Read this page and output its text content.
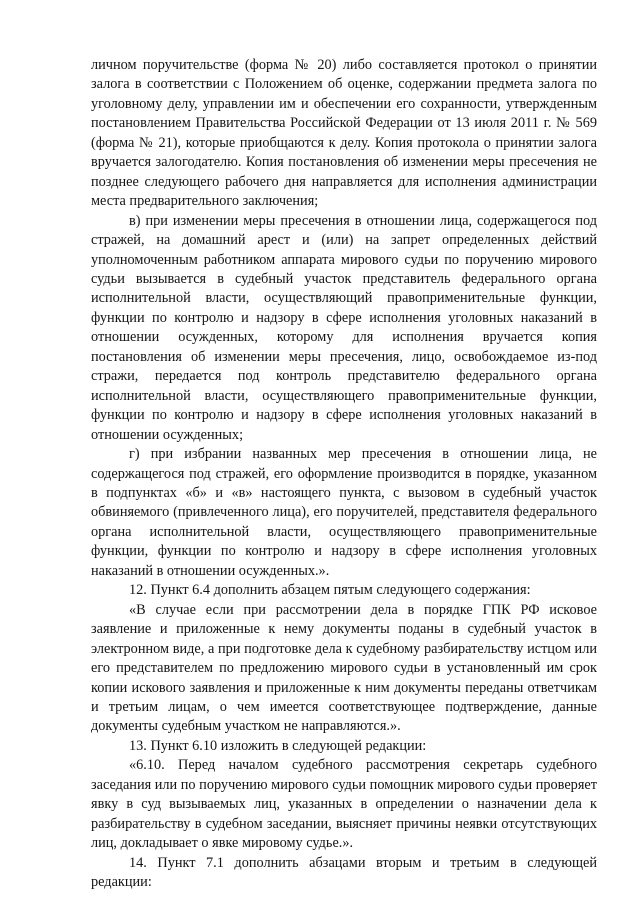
личном поручительстве (форма № 20) либо составляется протокол о принятии залога в соответствии с Положением об оценке, содержании предмета залога по уголовному делу, управлении им и обеспечении его сохранности, утвержденным постановлением Правительства Российской Федерации от 13 июля 2011 г. № 569 (форма № 21), которые приобщаются к делу. Копия протокола о принятии залога вручается залогодателю. Копия постановления об изменении меры пресечения не позднее следующего рабочего дня направляется для исполнения администрации места предварительного заключения;

в) при изменении меры пресечения в отношении лица, содержащегося под стражей, на домашний арест и (или) на запрет определенных действий уполномоченным работником аппарата мирового судьи по поручению мирового судьи вызывается в судебный участок представитель федерального органа исполнительной власти, осуществляющий правоприменительные функции, функции по контролю и надзору в сфере исполнения уголовных наказаний в отношении осужденных, которому для исполнения вручается копия постановления об изменении меры пресечения, лицо, освобождаемое из-под стражи, передается под контроль представителю федерального органа исполнительной власти, осуществляющего правоприменительные функции, функции по контролю и надзору в сфере исполнения уголовных наказаний в отношении осужденных;

г) при избрании названных мер пресечения в отношении лица, не содержащегося под стражей, его оформление производится в порядке, указанном в подпунктах «б» и «в» настоящего пункта, с вызовом в судебный участок обвиняемого (привлеченного лица), его поручителей, представителя федерального органа исполнительной власти, осуществляющего правоприменительные функции, функции по контролю и надзору в сфере исполнения уголовных наказаний в отношении осужденных.».

12. Пункт 6.4 дополнить абзацем пятым следующего содержания:

«В случае если при рассмотрении дела в порядке ГПК РФ исковое заявление и приложенные к нему документы поданы в судебный участок в электронном виде, а при подготовке дела к судебному разбирательству истцом или его представителем по предложению мирового судьи в установленный им срок копии искового заявления и приложенные к ним документы переданы ответчикам и третьим лицам, о чем имеется соответствующее подтверждение, данные документы судебным участком не направляются.».

13. Пункт 6.10 изложить в следующей редакции:

«6.10. Перед началом судебного рассмотрения секретарь судебного заседания или по поручению мирового судьи помощник мирового судьи проверяет явку в суд вызываемых лиц, указанных в определении о назначении дела к разбирательству в судебном заседании, выясняет причины неявки отсутствующих лиц, докладывает о явке мировому судье.».

14. Пункт 7.1 дополнить абзацами вторым и третьим в следующей редакции:
